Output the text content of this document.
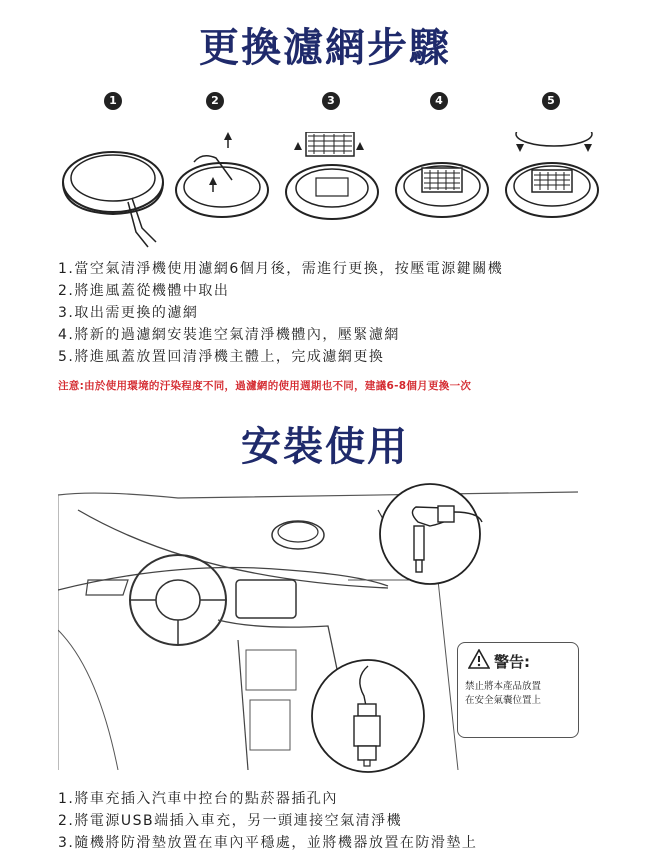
更換濾網步驟
1	2	3	4	5
1.當空氣清淨機使用濾網6個月後，需進行更換，按壓電源鍵關機
2.將進風蓋從機體中取出
3.取出需更換的濾網
4.將新的過濾網安裝進空氣清淨機體內，壓緊濾網
5.將進風蓋放置回清淨機主體上，完成濾網更換
注意:由於使用環境的汙染程度不同，過濾網的使用週期也不同，建議6-8個月更換一次
安裝使用
警告:
禁止將本產品放置
在安全氣囊位置上
1.將車充插入汽車中控台的點菸器插孔內
2.將電源USB端插入車充，另一頭連接空氣清淨機
3.隨機將防滑墊放置在車內平穩處，並將機器放置在防滑墊上
